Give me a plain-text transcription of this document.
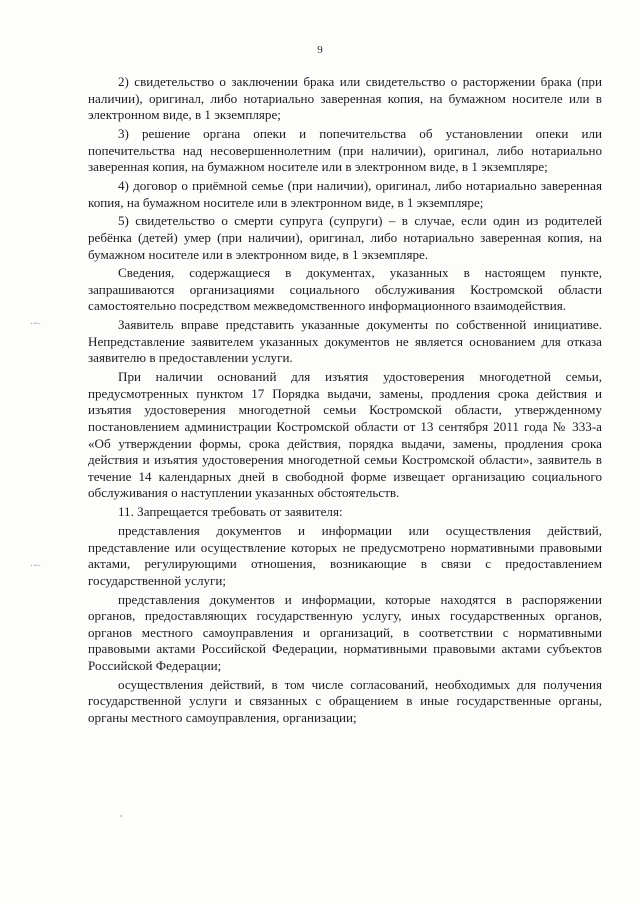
9
·−·
·−·

2) свидетельство о заключении брака или свидетельство о расторжении брака (при наличии), оригинал, либо нотариально заверенная копия, на бумажном носителе или в электронном виде, в 1 экземпляре;

3) решение органа опеки и попечительства об установлении опеки или попечительства над несовершеннолетним (при наличии), оригинал, либо нотариально заверенная копия, на бумажном носителе или в электронном виде, в 1 экземпляре;

4) договор о приёмной семье (при наличии), оригинал, либо нотариально заверенная копия, на бумажном носителе или в электронном виде, в 1 экземпляре;

5) свидетельство о смерти супруга (супруги) – в случае, если один из родителей ребёнка (детей) умер (при наличии), оригинал, либо нотариально заверенная копия, на бумажном носителе или в электронном виде, в 1 экземпляре.

Сведения, содержащиеся в документах, указанных в настоящем пункте, запрашиваются организациями социального обслуживания Костромской области самостоятельно посредством межведомственного информационного взаимодействия.

Заявитель вправе представить указанные документы по собственной инициативе. Непредставление заявителем указанных документов не является основанием для отказа заявителю в предоставлении услуги.

При наличии оснований для изъятия удостоверения многодетной семьи, предусмотренных пунктом 17 Порядка выдачи, замены, продления срока действия и изъятия удостоверения многодетной семьи Костромской области, утвержденному постановлением администрации Костромской области от 13 сентября 2011 года № 333-а «Об утверждении формы, срока действия, порядка выдачи, замены, продления срока действия и изъятия удостоверения многодетной семьи Костромской области», заявитель в течение 14 календарных дней в свободной форме извещает организацию социального обслуживания о наступлении указанных обстоятельств.

11. Запрещается требовать от заявителя:

представления документов и информации или осуществления действий, представление или осуществление которых не предусмотрено нормативными правовыми актами, регулирующими отношения, возникающие в связи с предоставлением государственной услуги;

представления документов и информации, которые находятся в распоряжении органов, предоставляющих государственную услугу, иных государственных органов, органов местного самоуправления и организаций, в соответствии с нормативными правовыми актами Российской Федерации, нормативными правовыми актами субъектов Российской Федерации;

осуществления действий, в том числе согласований, необходимых для получения государственной услуги и связанных с обращением в иные государственные органы, органы местного самоуправления, организации;
